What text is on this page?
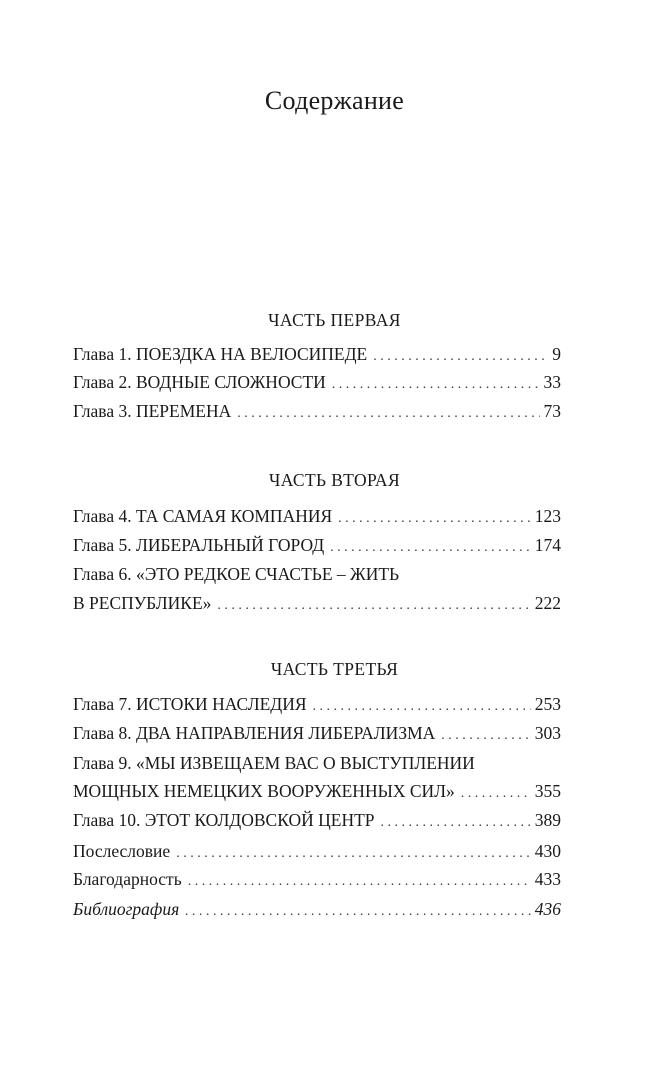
Содержание
ЧАСТЬ ПЕРВАЯ
Глава 1. ПОЕЗДКА НА ВЕЛОСИПЕДЕ . . .	9
Глава 2. ВОДНЫЕ СЛОЖНОСТИ . . .	33
Глава 3. ПЕРЕМЕНА . . .	73
ЧАСТЬ ВТОРАЯ
Глава 4. ТА САМАЯ КОМПАНИЯ . . .	123
Глава 5. ЛИБЕРАЛЬНЫЙ ГОРОД . . .	174
Глава 6. «ЭТО РЕДКОЕ СЧАСТЬЕ – ЖИТЬ
В РЕСПУБЛИКЕ» . . .	222
ЧАСТЬ ТРЕТЬЯ
Глава 7. ИСТОКИ НАСЛЕДИЯ . . .	253
Глава 8. ДВА НАПРАВЛЕНИЯ ЛИБЕРАЛИЗМА . . .	303
Глава 9. «МЫ ИЗВЕЩАЕМ ВАС О ВЫСТУПЛЕНИИ
МОЩНЫХ НЕМЕЦКИХ ВООРУЖЕННЫХ СИЛ» . . .	355
Глава 10. ЭТОТ КОЛДОВСКОЙ ЦЕНТР . . .	389
Послесловие . . .	430
Благодарность . . .	433
Библиография . . .	436
